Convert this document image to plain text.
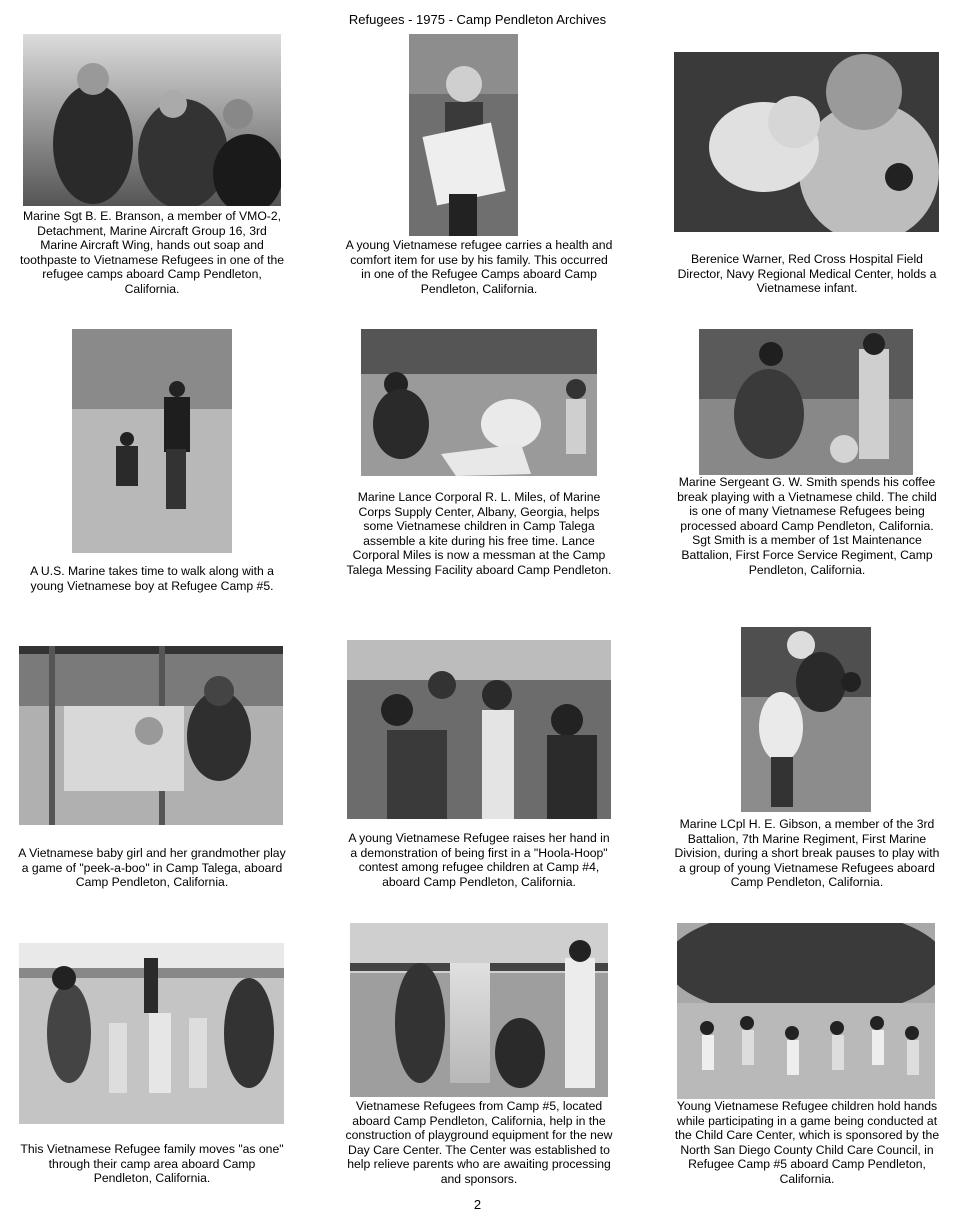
Refugees - 1975 - Camp Pendleton Archives
Marine Sgt B. E. Branson, a member of VMO-2, Detachment, Marine Aircraft Group 16, 3rd Marine Aircraft Wing, hands out soap and toothpaste to Vietnamese Refugees in one of the refugee camps aboard Camp Pendleton, California.
A young Vietnamese refugee carries a health and comfort item for use by his family. This occurred in one of the Refugee Camps aboard Camp Pendleton, California.
Berenice Warner, Red Cross Hospital Field Director, Navy Regional Medical Center, holds a Vietnamese infant.
A U.S. Marine takes time to walk along with a young Vietnamese boy at Refugee Camp #5.
Marine Lance Corporal R. L. Miles, of Marine Corps Supply Center, Albany, Georgia, helps some Vietnamese children in Camp Talega assemble a kite during his free time. Lance Corporal Miles is now a messman at the Camp Talega Messing Facility aboard Camp Pendleton.
Marine Sergeant G. W. Smith spends his coffee break playing with a Vietnamese child. The child is one of many Vietnamese Refugees being processed aboard Camp Pendleton, California. Sgt Smith is a member of 1st Maintenance Battalion, First Force Service Regiment, Camp Pendleton, California.
A Vietnamese baby girl and her grandmother play a game of "peek-a-boo" in Camp Talega, aboard Camp Pendleton, California.
A young Vietnamese Refugee raises her hand in a demonstration of being first in a "Hoola-Hoop" contest among refugee children at Camp #4, aboard Camp Pendleton, California.
Marine LCpl H. E. Gibson, a member of the 3rd Battalion, 7th Marine Regiment, First Marine Division, during a short break pauses to play with a group of young Vietnamese Refugees aboard Camp Pendleton, California.
This Vietnamese Refugee family moves "as one" through their camp area aboard Camp Pendleton, California.
Vietnamese Refugees from Camp #5, located aboard Camp Pendleton, California, help in the construction of playground equipment for the new Day Care Center. The Center was established to help relieve parents who are awaiting processing and sponsors.
Young Vietnamese Refugee children hold hands while participating in a game being conducted at the Child Care Center, which is sponsored by the North San Diego County Child Care Council, in Refugee Camp #5 aboard Camp Pendleton, California.
2
